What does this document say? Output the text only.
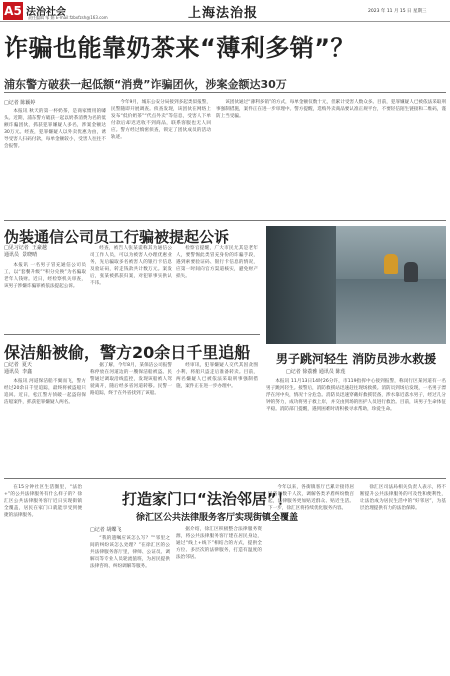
A5 法治社会
责任编辑 邹 娟 E-mail:fzbxfzsh@163.com	上海法治报	2023 年 11 月 15 日 星期三
诈骗也能靠奶茶来“薄利多销”？
浦东警方破获一起低额“消费”诈骗团伙，涉案金额达30万
□记者 陈颖婷

本报讯 秋天的第一杯奶茶，是商家惯用的噱头。近期，浦东警方破获一起以奶茶消费为名的低额诈骗团伙，抓获犯罪嫌疑人多名，涉案金额达30万元。经查，犯罪嫌疑人以外卖优惠为由，诱导受害人扫码付款，每单金额较小，受害人往往不会报警。

今年9月，城东公安分局接到多起类似报警，民警随即开展调查。侦查发现，该团伙在网络上发布“低价奶茶”“代点外卖”等信息，受害人下单付款后却迟迟收不到商品，联系客服也无人回应。警方经过缜密侦查，锁定了团伙成员的活动轨迹。

该团伙通过“薄利多销”的方式，每单金额仅数十元，但累计受害人数众多。目前，犯罪嫌疑人已被依法采取刑事强制措施，案件正在进一步审理中。警方提醒，选购外卖商品要认准正规平台，不要轻信陌生链接和二维码，谨防上当受骗。

伪装通信公司员工行骗被提起公诉
□见习记者  王豪越
通讯员  景晓晴

本报讯 一名男子冒充通信公司员工，以“套餐升级”“积分兑换”为名骗取老年人钱财。近日，经检察机关审查，该男子涉嫌诈骗罪被依法提起公诉。

经查，被告人张某谎称其为通信公司工作人员，可以为被害人办理优惠业务，先后骗取多名被害人的银行卡信息及验证码，转走钱款共计数万元。案发后，张某被抓获归案，对犯罪事实供认不讳。

检察官提醒，广大市民尤其是老年人，要警惕此类冒充身份的诈骗手段，遇到索要验证码、银行卡信息的情况，应第一时间向官方渠道核实，避免财产损失。

男子跳河轻生 消防员涉水救援
□记者 徐荔雅 通讯员 陈莲

本报讯 11月13日14时26分许，市119指挥中心接到报警，称闵行区某河道有一名男子跳河轻生。接警后，消防救援站迅速赶往现场救援。消防员到场后发现，一名男子漂浮在河中央，情况十分危急。消防员迅速穿戴好救援装备，涉水靠近落水男子，经过几分钟的努力，成功将男子救上岸，并交由到场的医护人员进行救治。目前，该男子生命体征平稳。消防部门提醒，遇到困难时请积极寻求帮助，珍爱生命。

保洁船被偷，警方20余日千里追船
□记者  夏天
通讯员  李鑫

本报讯 河道保洁船不翼而飞，警方经过20余日千里追踪，最终将被盗船只追回。近日，松江警方侦破一起盗窃保洁船案件，抓获犯罪嫌疑人两名。

据了解，今年8月，某保洁公司报警称停放在河道边的一艘保洁船被盗。民警通过调取沿线监控，发现该船被人驾驶离开，随后经多省河道转移。民警一路追踪，终于在外省找到了该船。

经审讯，犯罪嫌疑人交代其因贪图小利，将船只盗走后准备转卖。目前，两名嫌疑人已被依法采取刑事强制措施，案件正在进一步办理中。

在15分钟社区生活圈里，“法治+”的公共法律服务有什么样子的？徐汇区公共法律服务客厅近日实现街镇全覆盖，居民在家门口就能享受到便捷的法律服务。

打造家门口“法治邻居”！
徐汇区公共法律服务客厅实现街镇全覆盖
□记者 胡蝶飞

“我的遗嘱应该怎么写？”“邻里之间的纠纷该怎么处理？”在徐汇区的公共法律服务客厅里，律师、公证员、调解员等专业人员轮流值班，为居民提供法律咨询、纠纷调解等服务。

据介绍，徐汇区积极整合法律服务资源，将公共法律服务客厅建在居民身边，通过“线上+线下”相结合的方式，提供全方位、多层次的法律服务，打造有温度的法治邻居。

今年以来，各街镇客厅已累计接待居民咨询数千人次，调解各类矛盾纠纷数百起，法律服务更加贴近群众、贴近生活。下一步，徐汇区将持续优化服务内容。

徐汇区司法局相关负责人表示，将不断提升公共法律服务的可及性和便利性，让法治成为居民生活中的“好邻居”，为基层治理提供有力的法治保障。
